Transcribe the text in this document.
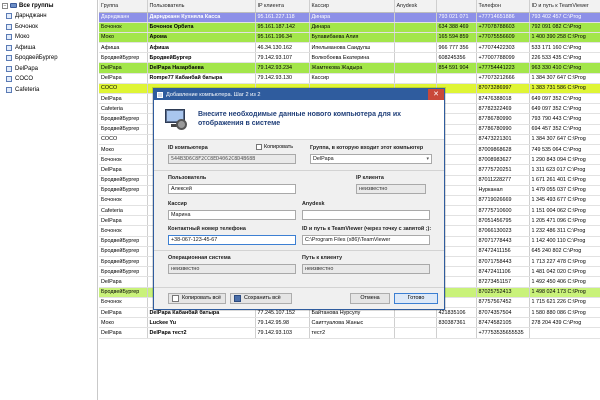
− Все группы
Дарнджанн
Бочонок
Моко
Афиша
БродвейБургер
DelPapa
COCO
Cafeteria
Группа	Пользователь	IP клиента	Кассир	Anydesk		Телефон	ID и путь к TeamViewer
Дарнджанн	Дарнджанн Кухняла Касса	95.161.227.118	Динара		793 021 071	+77714651886	793 402 457 C:\Prog
Бочонок	Бочонок Орбита	95.161.187.142	Динара		634 388 469	+77078788603	792 091 082 C:\Prog
Моко	Арома	95.161.196.34	Булавибаева Алия		165 594 859	+77075556609	1 400 390 258 C:\Prog
Афиша	Афиша	46.34.130.162	Ипельманова Саидулш		966 777 356	+77074422303	533 171 160 C:\Prog
БродвейБургер	БродвейБургер	79.142.93.107	Волкобоева Екатерина		608245356	+77007788099	226 533 435 C:\Prog
DelPapa	DelPapa Назарбаева	79.142.93.234	Жамтекова Жадыра		854 591 904	+77754441223	963 330 410 C:\Prog
DelPapa	Rompe77 Кабанбай батыра	79.142.93.130	Кассир			+77073212666	1 384 307 647 C:\Prog
COCO						87073286997	1 383 731 586 C:\Prog
DelPapa						87476388018	649 097 352 C:\Prog
Cafeteria						87782322469	649 097 352 C:\Prog
БродвейБургер						87786780990	793 790 443 C:\Prog
БродвейБургер						87786780990	694 457 352 C:\Prog
COCO						87473221301	1 384 307 647 C:\Prog
Моко						87009868628	749 535 064 C:\Prog
Бочонок						87008983627	1 290 843 094 C:\Prog
DelPapa						87775720251	1 311 623 017 C:\Prog
БродвейБургер						87011228277	1 671 261 401 C:\Prog
БродвейБургер						Нурканал	1 479 055 037 C:\Prog
Бочонок						87719026669	1 345 493 677 C:\Prog
Cafeteria						87775710600	1 151 004 062 C:\Prog
DelPapa						87051456795	1 205 471 096 C:\Prog
Бочонок						87066130023	1 232 486 311 C:\Prog
БродвейБургер						87071778443	1 142 400 110 C:\Prog
БродвейБургер						87472411156	645 240 802 C:\Prog
БродвейБургер						87071758443	1 713 227 478 C:\Prog
БродвейБургер						87472411106	1 481 042 020 C:\Prog
DelPapa						87273451157	1 492 450 406 C:\Prog
БродвейБургер						87025752413	1 498 024 173 C:\Prog
Бочонок						87757567452	1 715 621 226 C:\Prog
DelPapa	DelPapa Кабанбай батыра	77.245.107.152	Байтанова Нурсулу		421835106	87074357504	1 580 880 086 C:\Prog
Моко	Luckee Yu	79.142.95.98	Саиттуалова Жаныс		830387361	87474582105	278 204 439 C:\Prog
DelPapa	DelPapa тест2	79.142.93.103	тест2			+77753535655535	
Добавление компьютера. Шаг 2 из 2	✕
Внесите необходимые данные нового компьютера для их отображения в системе
ID компьютера	Копировать
544B3D6C8F2CC8ED4062C8D4B68B
Группа, в которую входит этот компьютер
DelPapa	▾
Пользователь
Алексей
IP клиента
неизвестно
Кассир
Марина
Anydesk
Контактный номер телефона
+38-067-123-45-67
ID и путь к TeamViewer (через точку с запятой ;):
C:\Program Files (x86)\TeamViewer
Операционная система
неизвестно
Путь к клиенту
неизвестно
Копировать всё	Сохранить всё	Отмена	Готово
